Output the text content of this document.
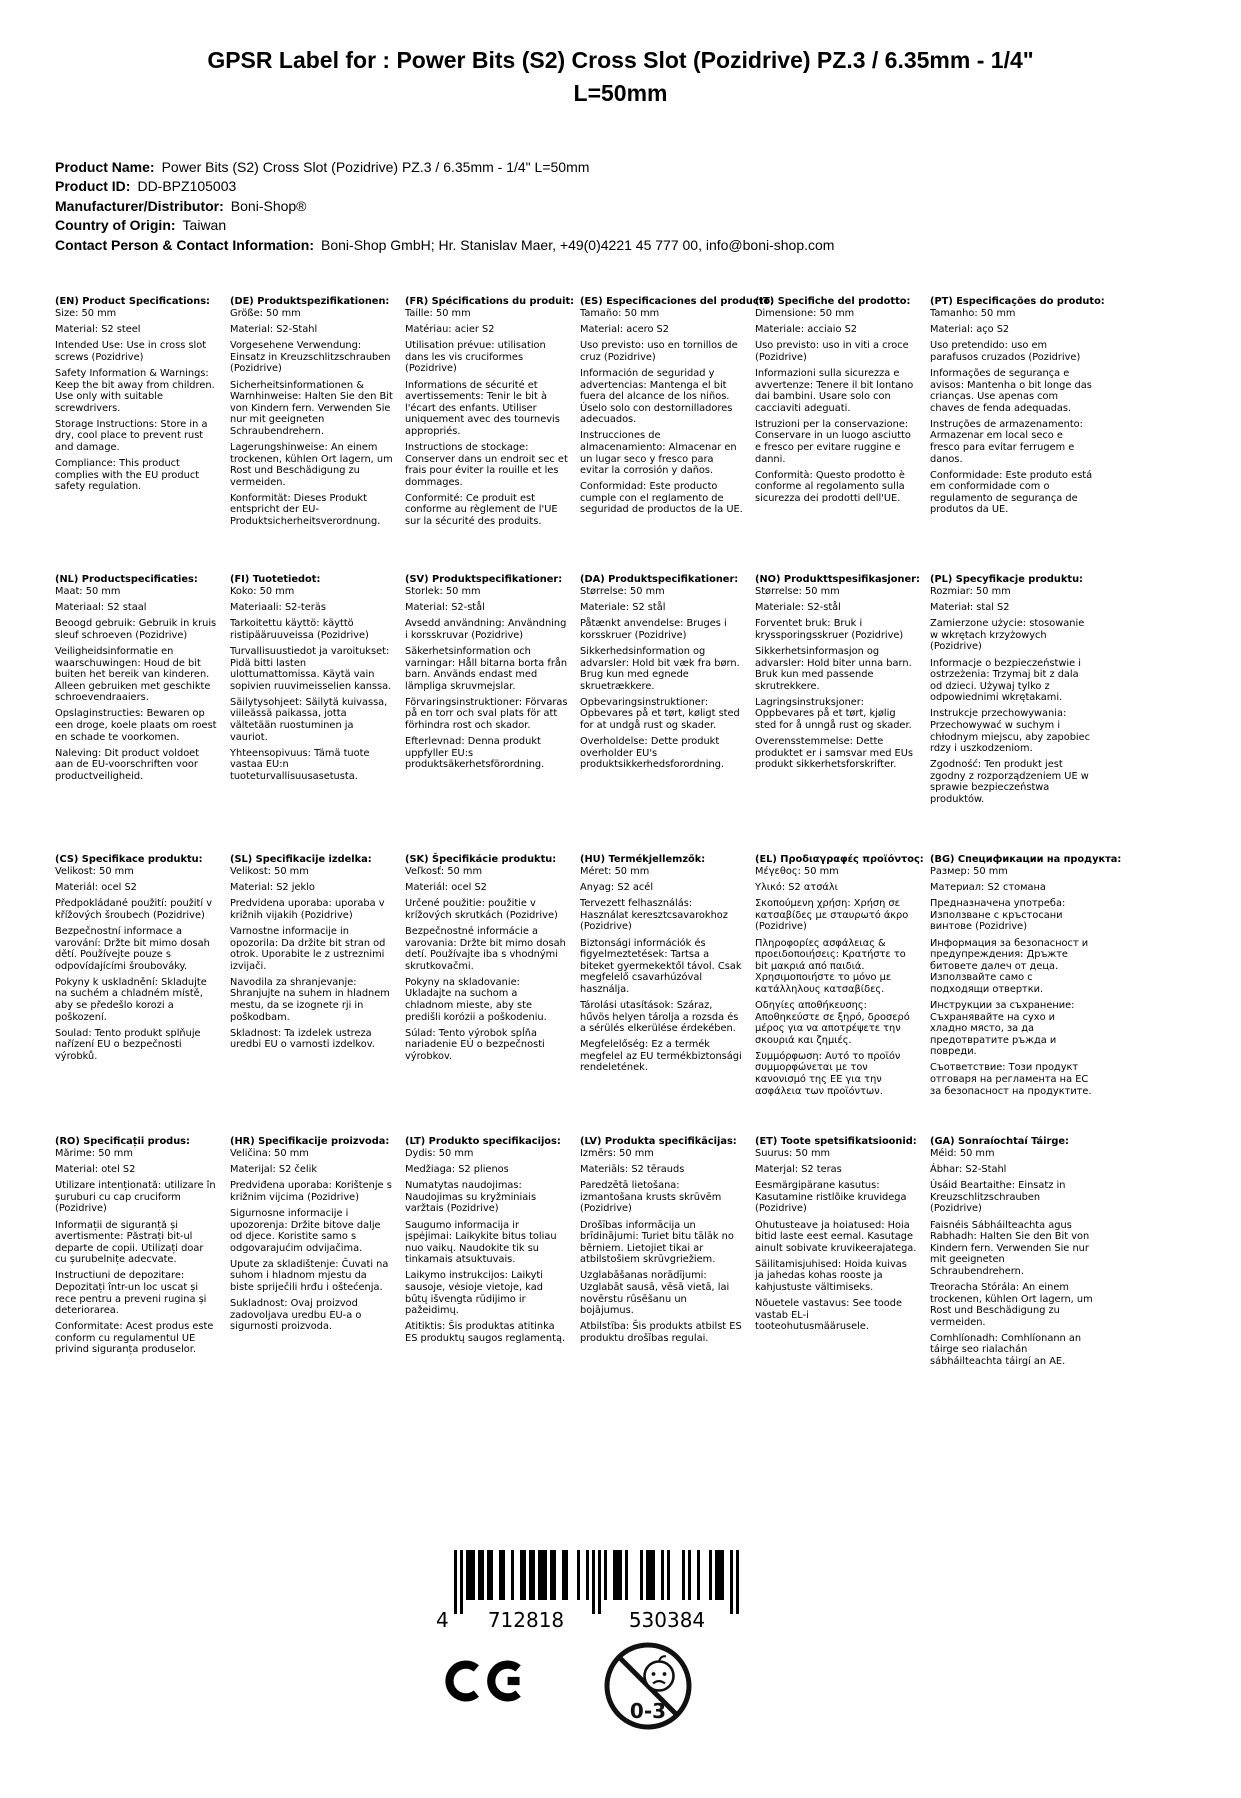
GPSR Label for : Power Bits (S2) Cross Slot (Pozidrive) PZ.3 / 6.35mm - 1/4" L=50mm
Product Name: Power Bits (S2) Cross Slot (Pozidrive) PZ.3 / 6.35mm - 1/4" L=50mm
Product ID: DD-BPZ105003
Manufacturer/Distributor: Boni-Shop®
Country of Origin: Taiwan
Contact Person & Contact Information: Boni-Shop GmbH; Hr. Stanislav Maer, +49(0)4221 45 777 00, info@boni-shop.com
(EN) Product Specifications:

Size: 50 mm

Material: S2 steel

Intended Use: Use in cross slot screws (Pozidrive)

Safety Information & Warnings: Keep the bit away from children. Use only with suitable screwdrivers.

Storage Instructions: Store in a dry, cool place to prevent rust and damage.

Compliance: This product complies with the EU product safety regulation.

(DE) Produktspezifikationen:

Größe: 50 mm

Material: S2-Stahl

Vorgesehene Verwendung: Einsatz in Kreuzschlitzschrauben (Pozidrive)

Sicherheitsinformationen & Warnhinweise: Halten Sie den Bit von Kindern fern. Verwenden Sie nur mit geeigneten Schraubendrehern.

Lagerungshinweise: An einem trockenen, kühlen Ort lagern, um Rost und Beschädigung zu vermeiden.

Konformität: Dieses Produkt entspricht der EU-Produktsicherheitsverordnung.

(FR) Spécifications du produit:

Taille: 50 mm

Matériau: acier S2

Utilisation prévue: utilisation dans les vis cruciformes (Pozidrive)

Informations de sécurité et avertissements: Tenir le bit à l'écart des enfants. Utiliser uniquement avec des tournevis appropriés.

Instructions de stockage: Conserver dans un endroit sec et frais pour éviter la rouille et les dommages.

Conformité: Ce produit est conforme au règlement de l'UE sur la sécurité des produits.

(ES) Especificaciones del producto:

Tamaño: 50 mm

Material: acero S2

Uso previsto: uso en tornillos de cruz (Pozidrive)

Información de seguridad y advertencias: Mantenga el bit fuera del alcance de los niños. Úselo solo con destornilladores adecuados.

Instrucciones de almacenamiento: Almacenar en un lugar seco y fresco para evitar la corrosión y daños.

Conformidad: Este producto cumple con el reglamento de seguridad de productos de la UE.

(IT) Specifiche del prodotto:

Dimensione: 50 mm

Materiale: acciaio S2

Uso previsto: uso in viti a croce (Pozidrive)

Informazioni sulla sicurezza e avvertenze: Tenere il bit lontano dai bambini. Usare solo con cacciaviti adeguati.

Istruzioni per la conservazione: Conservare in un luogo asciutto e fresco per evitare ruggine e danni.

Conformità: Questo prodotto è conforme al regolamento sulla sicurezza dei prodotti dell'UE.

(PT) Especificações do produto:

Tamanho: 50 mm

Material: aço S2

Uso pretendido: uso em parafusos cruzados (Pozidrive)

Informações de segurança e avisos: Mantenha o bit longe das crianças. Use apenas com chaves de fenda adequadas.

Instruções de armazenamento: Armazenar em local seco e fresco para evitar ferrugem e danos.

Conformidade: Este produto está em conformidade com o regulamento de segurança de produtos da UE.

(NL) Productspecificaties:

Maat: 50 mm

Materiaal: S2 staal

Beoogd gebruik: Gebruik in kruis sleuf schroeven (Pozidrive)

Veiligheidsinformatie en waarschuwingen: Houd de bit buiten het bereik van kinderen. Alleen gebruiken met geschikte schroevendraaiers.

Opslaginstructies: Bewaren op een droge, koele plaats om roest en schade te voorkomen.

Naleving: Dit product voldoet aan de EU-voorschriften voor productveiligheid.

(FI) Tuotetiedot:

Koko: 50 mm

Materiaali: S2-teräs

Tarkoitettu käyttö: käyttö ristipääruuveissa (Pozidrive)

Turvallisuustiedot ja varoitukset: Pidä bitti lasten ulottumattomissa. Käytä vain sopivien ruuvimeisselien kanssa.

Säilytysohjeet: Säilytä kuivassa, viileässä paikassa, jotta vältetään ruostuminen ja vauriot.

Yhteensopivuus: Tämä tuote vastaa EU:n tuoteturvallisuusasetusta.

(SV) Produktspecifikationer:

Storlek: 50 mm

Material: S2-stål

Avsedd användning: Användning i korsskruvar (Pozidrive)

Säkerhetsinformation och varningar: Håll bitarna borta från barn. Används endast med lämpliga skruvmejslar.

Förvaringsinstruktioner: Förvaras på en torr och sval plats för att förhindra rost och skador.

Efterlevnad: Denna produkt uppfyller EU:s produktsäkerhetsförordning.

(DA) Produktspecifikationer:

Størrelse: 50 mm

Materiale: S2 stål

Påtænkt anvendelse: Bruges i korsskruer (Pozidrive)

Sikkerhedsinformation og advarsler: Hold bit væk fra børn. Brug kun med egnede skruetrækkere.

Opbevaringsinstruktioner: Opbevares på et tørt, køligt sted for at undgå rust og skader.

Overholdelse: Dette produkt overholder EU's produktsikkerhedsforordning.

(NO) Produkttspesifikasjoner:

Størrelse: 50 mm

Materiale: S2-stål

Forventet bruk: Bruk i kryssporingsskruer (Pozidrive)

Sikkerhetsinformasjon og advarsler: Hold biter unna barn. Bruk kun med passende skrutrekkere.

Lagringsinstruksjoner: Oppbevares på et tørt, kjølig sted for å unngå rust og skader.

Overensstemmelse: Dette produktet er i samsvar med EUs produkt sikkerhetsforskrifter.

(PL) Specyfikacje produktu:

Rozmiar: 50 mm

Materiał: stal S2

Zamierzone użycie: stosowanie w wkrętach krzyżowych (Pozidrive)

Informacje o bezpieczeństwie i ostrzeżenia: Trzymaj bit z dala od dzieci. Używaj tylko z odpowiednimi wkrętakami.

Instrukcje przechowywania: Przechowywać w suchym i chłodnym miejscu, aby zapobiec rdzy i uszkodzeniom.

Zgodność: Ten produkt jest zgodny z rozporządzeniem UE w sprawie bezpieczeństwa produktów.

(CS) Specifikace produktu:

Velikost: 50 mm

Materiál: ocel S2

Předpokládané použití: použití v křížových šroubech (Pozidrive)

Bezpečnostní informace a varování: Držte bit mimo dosah dětí. Používejte pouze s odpovídajícími šroubováky.

Pokyny k uskladnění: Skladujte na suchém a chladném místě, aby se předešlo korozi a poškození.

Soulad: Tento produkt splňuje nařízení EU o bezpečnosti výrobků.

(SL) Specifikacije izdelka:

Velikost: 50 mm

Material: S2 jeklo

Predvidena uporaba: uporaba v križnih vijakih (Pozidrive)

Varnostne informacije in opozorila: Da držite bit stran od otrok. Uporabite le z ustreznimi izvijači.

Navodila za shranjevanje: Shranjujte na suhem in hladnem mestu, da se izognete rji in poškodbam.

Skladnost: Ta izdelek ustreza uredbi EU o varnosti izdelkov.

(SK) Špecifikácie produktu:

Veľkosť: 50 mm

Materiál: ocel S2

Určené použitie: použitie v krížových skrutkách (Pozidrive)

Bezpečnostné informácie a varovania: Držte bit mimo dosah detí. Používajte iba s vhodnými skrutkovačmi.

Pokyny na skladovanie: Ukladajte na suchom a chladnom mieste, aby ste predišli korózii a poškodeniu.

Súlad: Tento výrobok spĺňa nariadenie EÚ o bezpečnosti výrobkov.

(HU) Termékjellemzők:

Méret: 50 mm

Anyag: S2 acél

Tervezett felhasználás: Használat keresztcsavarokhoz (Pozidrive)

Biztonsági információk és figyelmeztetések: Tartsa a biteket gyermekektől távol. Csak megfelelő csavarhúzóval használja.

Tárolási utasítások: Száraz, hűvös helyen tárolja a rozsda és a sérülés elkerülése érdekében.

Megfelelőség: Ez a termék megfelel az EU termékbiztonsági rendeletének.

(EL) Προδιαγραφές προϊόντος:

Μέγεθος: 50 mm

Υλικό: S2 ατσάλι

Σκοπούμενη χρήση: Χρήση σε κατσαβίδες με σταυρωτό άκρο (Pozidrive)

Πληροφορίες ασφάλειας & προειδοποιήσεις: Κρατήστε το bit μακριά από παιδιά. Χρησιμοποιήστε το μόνο με κατάλληλους κατσαβίδες.

Οδηγίες αποθήκευσης: Αποθηκεύστε σε ξηρό, δροσερό μέρος για να αποτρέψετε την σκουριά και ζημιές.

Συμμόρφωση: Αυτό το προϊόν συμμορφώνεται με τον κανονισμό της ΕΕ για την ασφάλεια των προϊόντων.

(BG) Спецификации на продукта:

Размер: 50 mm

Материал: S2 стомана

Предназначена употреба: Използване с кръстосани винтове (Pozidrive)

Информация за безопасност и предупреждения: Дръжте битовете далеч от деца. Използвайте само с подходящи отвертки.

Инструкции за съхранение: Съхранявайте на сухо и хладно място, за да предотвратите ръжда и повреди.

Съответствие: Този продукт отговаря на регламента на ЕС за безопасност на продуктите.

(RO) Specificații produs:

Mărime: 50 mm

Material: otel S2

Utilizare intenționată: utilizare în șuruburi cu cap cruciform (Pozidrive)

Informații de siguranță și avertismente: Păstrați bit-ul departe de copii. Utilizați doar cu șurubelnițe adecvate.

Instructiuni de depozitare: Depozitați într-un loc uscat și rece pentru a preveni rugina și deteriorarea.

Conformitate: Acest produs este conform cu regulamentul UE privind siguranța produselor.

(HR) Specifikacije proizvoda:

Veličina: 50 mm

Materijal: S2 čelik

Predviđena uporaba: Korištenje s križnim vijcima (Pozidrive)

Sigurnosne informacije i upozorenja: Držite bitove dalje od djece. Koristite samo s odgovarajućim odvijačima.

Upute za skladištenje: Čuvati na suhom i hladnom mjestu da biste spriječili hrđu i oštećenja.

Sukladnost: Ovaj proizvod zadovoljava uredbu EU-a o sigurnosti proizvoda.

(LT) Produkto specifikacijos:

Dydis: 50 mm

Medžiaga: S2 plienos

Numatytas naudojimas: Naudojimas su kryžminiais varžtais (Pozidrive)

Saugumo informacija ir įspėjimai: Laikykite bitus toliau nuo vaikų. Naudokite tik su tinkamais atsuktuvais.

Laikymo instrukcijos: Laikyti sausoje, vėsioje vietoje, kad būtų išvengta rūdijimo ir pažeidimų.

Atitiktis: Šis produktas atitinka ES produktų saugos reglamentą.

(LV) Produkta specifikācijas:

Izmērs: 50 mm

Materiāls: S2 tērauds

Paredzētā lietošana: izmantošana krusts skrūvēm (Pozidrive)

Drošības informācija un brīdinājumi: Turiet bitu tālāk no bērniem. Lietojiet tikai ar atbilstošiem skrūvgriežiem.

Uzglabāšanas norādījumi: Uzglabāt sausā, vēsā vietā, lai novērstu rūsēšanu un bojājumus.

Atbilstība: Šis produkts atbilst ES produktu drošības regulai.

(ET) Toote spetsifikatsioonid:

Suurus: 50 mm

Materjal: S2 teras

Eesmärgipärane kasutus: Kasutamine ristlõike kruvidega (Pozidrive)

Ohutusteave ja hoiatused: Hoia bitid laste eest eemal. Kasutage ainult sobivate kruvikeerajatega.

Säilitamisjuhised: Hoida kuivas ja jahedas kohas rooste ja kahjustuste vältimiseks.

Nõuetele vastavus: See toode vastab EL-i tooteohutusmäärusele.

(GA) Sonraíochtaí Táirge:

Méid: 50 mm

Ábhar: S2-Stahl

Úsáid Beartaithe: Einsatz in Kreuzschlitzschrauben (Pozidrive)

Faisnéis Sábháilteachta agus Rabhadh: Halten Sie den Bit von Kindern fern. Verwenden Sie nur mit geeigneten Schraubendrehern.

Treoracha Stórála: An einem trockenen, kühlen Ort lagern, um Rost und Beschädigung zu vermeiden.

Comhlíonadh: Comhlíonann an táirge seo rialachán sábháilteachta táirgí an AE.

4 712818	530384
0-3
